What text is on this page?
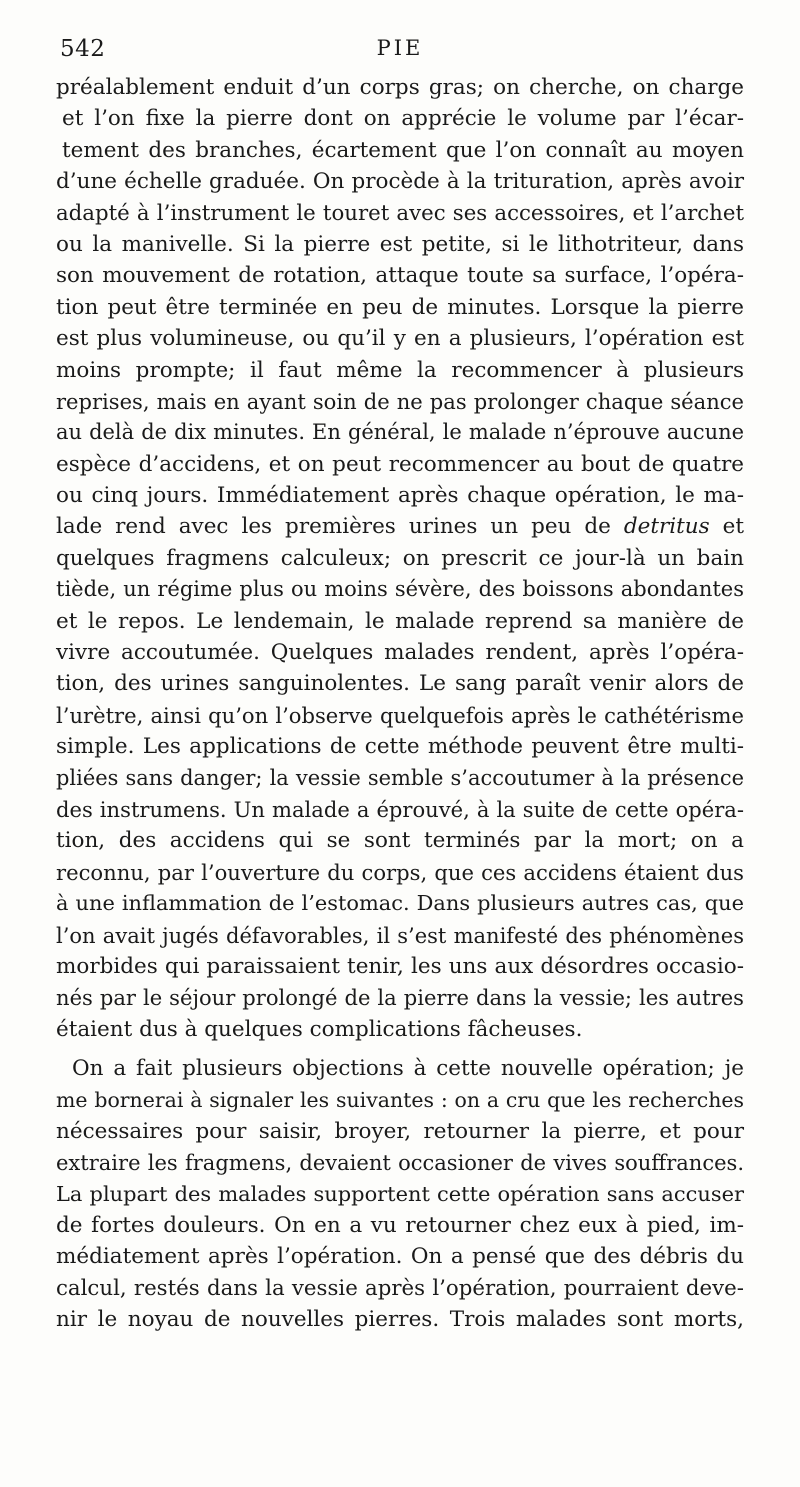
542	PIE
préalablement enduit d’un corps gras; on cherche, on charge
et l’on fixe la pierre dont on apprécie le volume par l’écar-
tement des branches, écartement que l’on connaît au moyen
d’une échelle graduée. On procède à la trituration, après avoir
adapté à l’instrument le touret avec ses accessoires, et l’archet
ou la manivelle. Si la pierre est petite, si le lithotriteur, dans
son mouvement de rotation, attaque toute sa surface, l’opéra-
tion peut être terminée en peu de minutes. Lorsque la pierre
est plus volumineuse, ou qu’il y en a plusieurs, l’opération est
moins prompte; il faut même la recommencer à plusieurs
reprises, mais en ayant soin de ne pas prolonger chaque séance
au delà de dix minutes. En général, le malade n’éprouve aucune
espèce d’accidens, et on peut recommencer au bout de quatre
ou cinq jours. Immédiatement après chaque opération, le ma-
lade rend avec les premières urines un peu de detritus et
quelques fragmens calculeux; on prescrit ce jour-là un bain
tiède, un régime plus ou moins sévère, des boissons abondantes
et le repos. Le lendemain, le malade reprend sa manière de
vivre accoutumée. Quelques malades rendent, après l’opéra-
tion, des urines sanguinolentes. Le sang paraît venir alors de
l’urètre, ainsi qu’on l’observe quelquefois après le cathétérisme
simple. Les applications de cette méthode peuvent être multi-
pliées sans danger; la vessie semble s’accoutumer à la présence
des instrumens. Un malade a éprouvé, à la suite de cette opéra-
tion, des accidens qui se sont terminés par la mort; on a
reconnu, par l’ouverture du corps, que ces accidens étaient dus
à une inflammation de l’estomac. Dans plusieurs autres cas, que
l’on avait jugés défavorables, il s’est manifesté des phénomènes
morbides qui paraissaient tenir, les uns aux désordres occasio-
nés par le séjour prolongé de la pierre dans la vessie; les autres
étaient dus à quelques complications fâcheuses.
On a fait plusieurs objections à cette nouvelle opération; je
me bornerai à signaler les suivantes : on a cru que les recherches
nécessaires pour saisir, broyer, retourner la pierre, et pour
extraire les fragmens, devaient occasioner de vives souffrances.
La plupart des malades supportent cette opération sans accuser
de fortes douleurs. On en a vu retourner chez eux à pied, im-
médiatement après l’opération. On a pensé que des débris du
calcul, restés dans la vessie après l’opération, pourraient deve-
nir le noyau de nouvelles pierres. Trois malades sont morts,
